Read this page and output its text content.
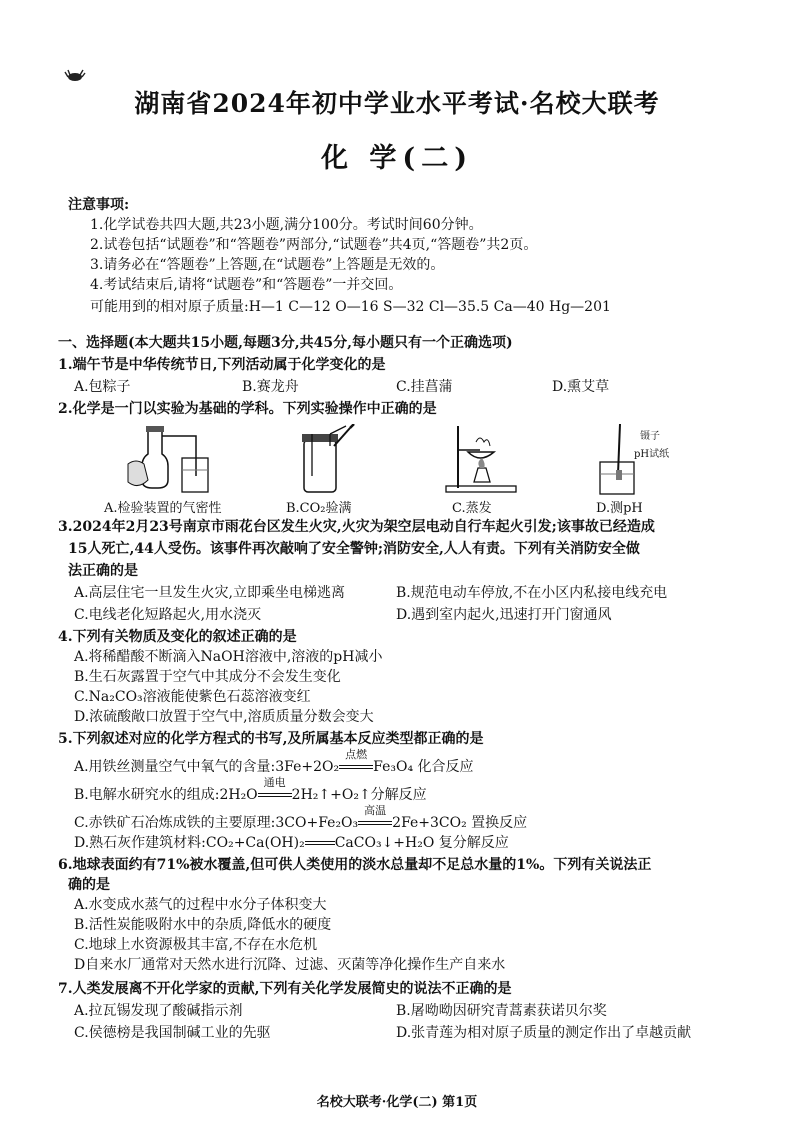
湖南省2024年初中学业水平考试·名校大联考
化 学(二)
注意事项:
1.化学试卷共四大题,共23小题,满分100分。考试时间60分钟。
2.试卷包括“试题卷”和“答题卷”两部分,“试题卷”共4页,“答题卷”共2页。
3.请务必在“答题卷”上答题,在“试题卷”上答题是无效的。
4.考试结束后,请将“试题卷”和“答题卷”一并交回。
可能用到的相对原子质量:H—1 C—12 O—16 S—32 Cl—35.5 Ca—40 Hg—201
一、选择题(本大题共15小题,每题3分,共45分,每小题只有一个正确选项)
1.端午节是中华传统节日,下列活动属于化学变化的是
A.包粽子	B.赛龙舟	C.挂菖蒲	D.熏艾草
2.化学是一门以实验为基础的学科。下列实验操作中正确的是
A.检验装置的气密性	B.CO₂验满	C.蒸发
镊子
pH试纸
D.测pH
3.2024年2月23号南京市雨花台区发生火灾,火灾为架空层电动自行车起火引发;该事故已经造成
15人死亡,44人受伤。该事件再次敲响了安全警钟;消防安全,人人有责。下列有关消防安全做
法正确的是
A.高层住宅一旦发生火灾,立即乘坐电梯逃离	B.规范电动车停放,不在小区内私接电线充电
C.电线老化短路起火,用水浇灭	D.遇到室内起火,迅速打开门窗通风
4.下列有关物质及变化的叙述正确的是
A.将稀醋酸不断滴入NaOH溶液中,溶液的pH减小
B.生石灰露置于空气中其成分不会发生变化
C.Na₂CO₃溶液能使紫色石蕊溶液变红
D.浓硫酸敞口放置于空气中,溶质质量分数会变大
5.下列叙述对应的化学方程式的书写,及所属基本反应类型都正确的是
A.用铁丝测量空气中氧气的含量:3Fe+2O₂
点燃
Fe₃O₄ 化合反应
B.电解水研究水的组成:2H₂O
通电
2H₂↑+O₂↑分解反应
C.赤铁矿石冶炼成铁的主要原理:3CO+Fe₂O₃
高温
2Fe+3CO₂ 置换反应
D.熟石灰作建筑材料:CO₂+Ca(OH)₂ CaCO₃↓+H₂O 复分解反应
6.地球表面约有71%被水覆盖,但可供人类使用的淡水总量却不足总水量的1%。下列有关说法正
确的是
A.水变成水蒸气的过程中水分子体积变大
B.活性炭能吸附水中的杂质,降低水的硬度
C.地球上水资源极其丰富,不存在水危机
D自来水厂通常对天然水进行沉降、过滤、灭菌等净化操作生产自来水
7.人类发展离不开化学家的贡献,下列有关化学发展简史的说法不正确的是
A.拉瓦锡发现了酸碱指示剂	B.屠呦呦因研究青蒿素获诺贝尔奖
C.侯德榜是我国制碱工业的先驱	D.张青莲为相对原子质量的测定作出了卓越贡献
名校大联考·化学(二) 第1页
